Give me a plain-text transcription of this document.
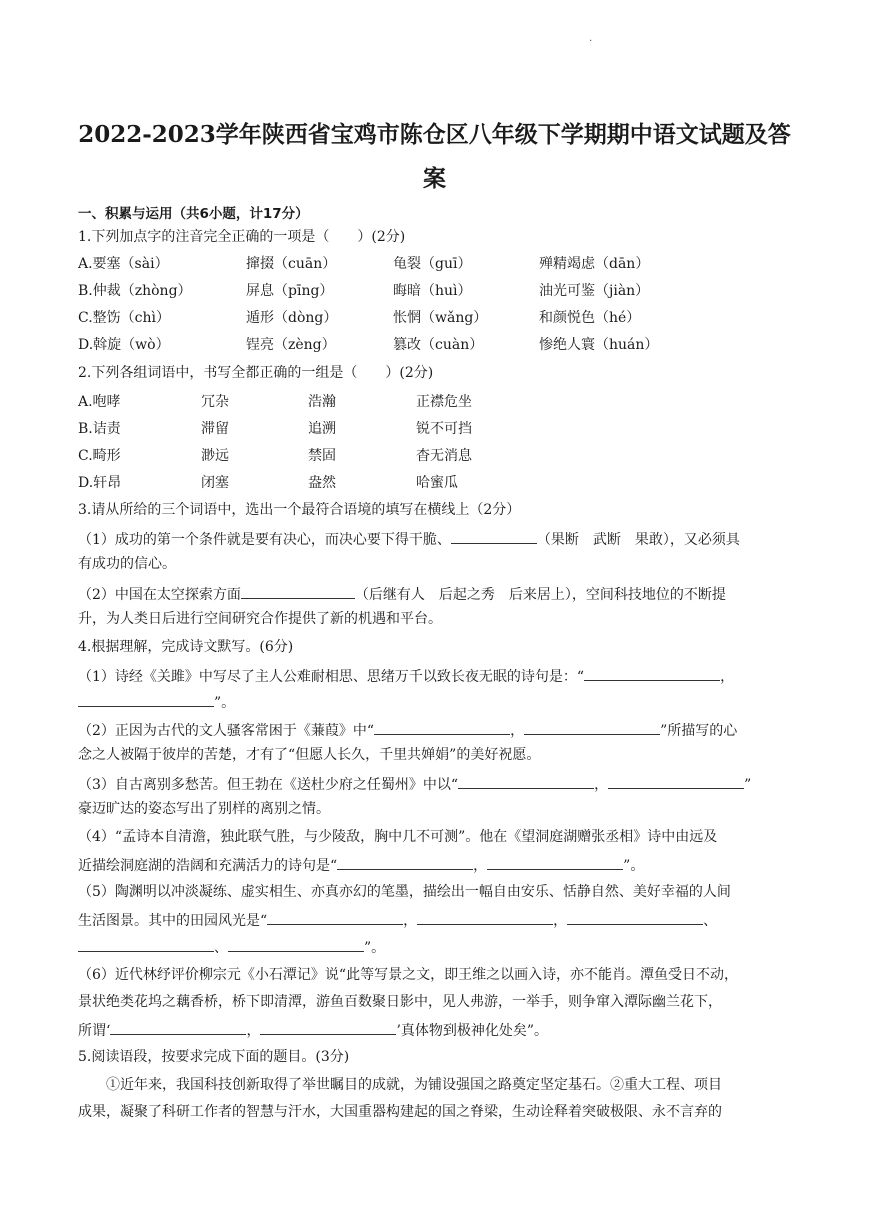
·
2022-2023学年陕西省宝鸡市陈仓区八年级下学期期中语文试题及答
案
一、积累与运用（共6小题，计17分）
1.下列加点字的注音完全正确的一项是（　　）(2分)
A.要塞（sài）	撺掇（cuān）	龟裂（guī）	殚精竭虑（dān）
B.仲裁（zhòng）	屏息（pīng）	晦暗（huì）	油光可鉴（jiàn）
C.整饬（chì）	遁形（dòng）	怅惘（wǎng）	和颜悦色（hé）
D.斡旋（wò）	锃亮（zèng）	篡改（cuàn）	惨绝人寰（huán）
2.下列各组词语中，书写全都正确的一组是（　　）(2分)
A.咆哮	冗杂	浩瀚	正襟危坐
B.诘责	滞留	追溯	锐不可挡
C.畸形	渺远	禁固	杳无消息
D.轩昂	闭塞	盎然	哈蜜瓜
3.请从所给的三个词语中，选出一个最符合语境的填写在横线上（2分）
（1）成功的第一个条件就是要有决心，而决心要下得干脆、	（果断　武断　果敢），又必须具
有成功的信心。
（2）中国在太空探索方面	（后继有人　后起之秀　后来居上），空间科技地位的不断提
升，为人类日后进行空间研究合作提供了新的机遇和平台。
4.根据理解，完成诗文默写。(6分)
（1）诗经《关雎》中写尽了主人公难耐相思、思绪万千以致长夜无眠的诗句是：“	，
”。
（2）正因为古代的文人骚客常困于《蒹葭》中“	，	”所描写的心
念之人被隔于彼岸的苦楚，才有了“但愿人长久，千里共婵娟”的美好祝愿。
（3）自古离别多愁苦。但王勃在《送杜少府之任蜀州》中以“	，	”
豪迈旷达的姿态写出了别样的离别之情。
（4）“孟诗本自清澹，独此联气胜，与少陵敌，胸中几不可测”。他在《望洞庭湖赠张丞相》诗中由远及
近描绘洞庭湖的浩阔和充满活力的诗句是“	，	”。
（5）陶渊明以冲淡凝练、虚实相生、亦真亦幻的笔墨，描绘出一幅自由安乐、恬静自然、美好幸福的人间
生活图景。其中的田园风光是“	，	，	、
、	”。
（6）近代林纾评价柳宗元《小石潭记》说“此等写景之文，即王维之以画入诗，亦不能肖。潭鱼受日不动，
景状绝类花坞之藕香桥，桥下即清潭，游鱼百数聚日影中，见人弗游，一举手，则争窜入潭际幽兰花下，
所谓‘	，	’真体物到极神化处矣”。
5.阅读语段，按要求完成下面的题目。(3分)
①近年来，我国科技创新取得了举世瞩目的成就，为铺设强国之路奠定坚定基石。②重大工程、项目
成果，凝聚了科研工作者的智慧与汗水，大国重器构建起的国之脊梁，生动诠释着突破极限、永不言弃的
